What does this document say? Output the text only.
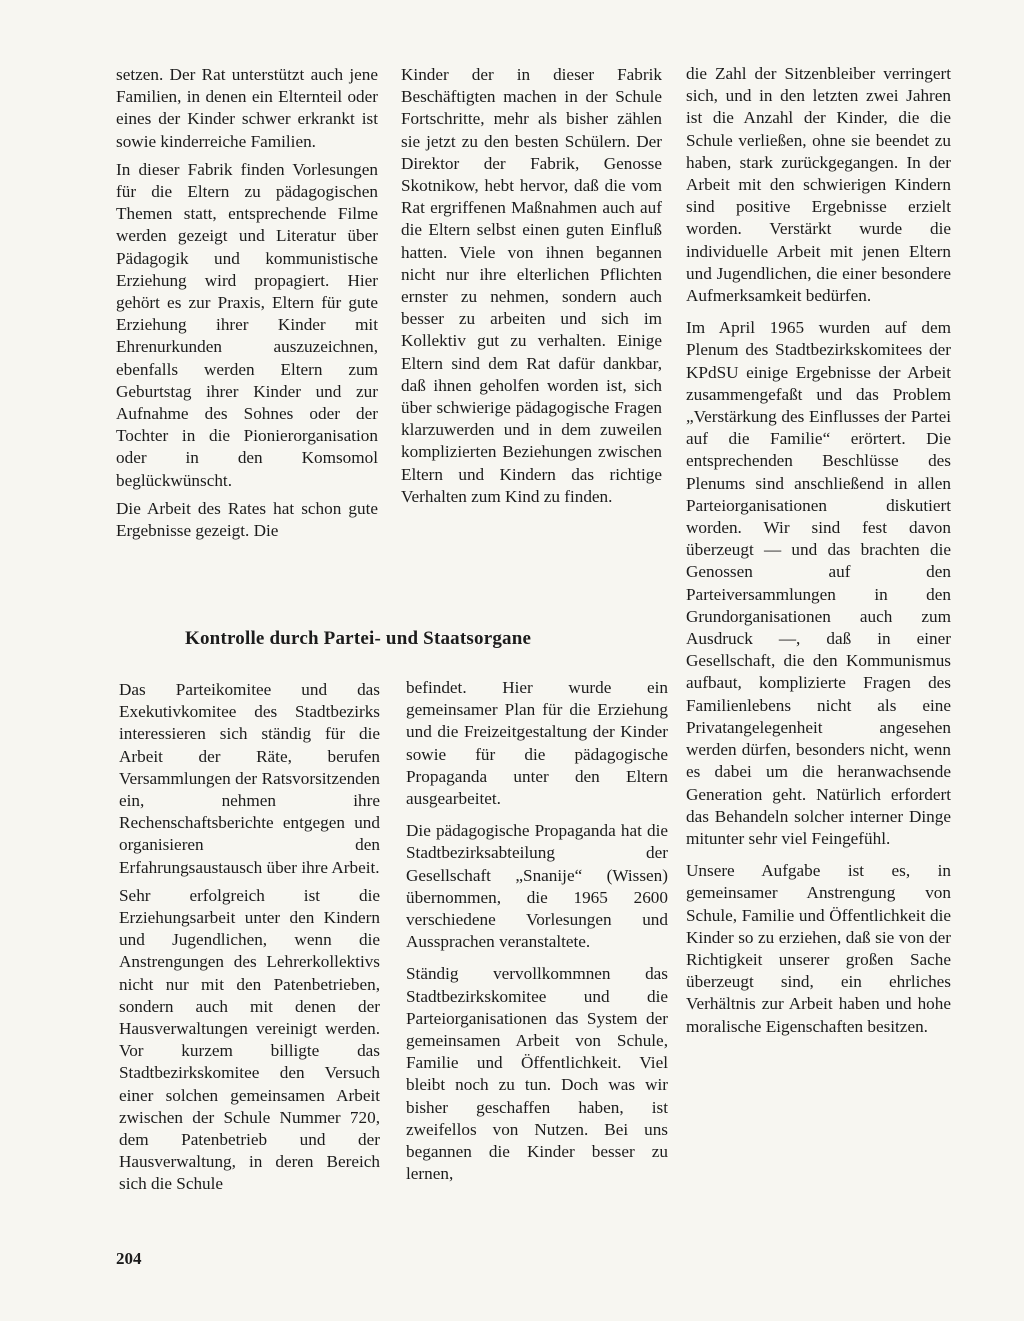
setzen. Der Rat unterstützt auch jene Familien, in denen ein Elternteil oder eines der Kinder schwer erkrankt ist sowie kinderreiche Familien.

In dieser Fabrik finden Vorlesungen für die Eltern zu pädagogischen Themen statt, entsprechende Filme werden gezeigt und Literatur über Pädagogik und kommunistische Erziehung wird propagiert. Hier gehört es zur Praxis, Eltern für gute Erziehung ihrer Kinder mit Ehrenurkunden auszuzeichnen, ebenfalls werden Eltern zum Geburtstag ihrer Kinder und zur Aufnahme des Sohnes oder der Tochter in die Pionierorganisation oder in den Komsomol beglückwünscht.

Die Arbeit des Rates hat schon gute Ergebnisse gezeigt. Die

Kinder der in dieser Fabrik Beschäftigten machen in der Schule Fortschritte, mehr als bisher zählen sie jetzt zu den besten Schülern. Der Direktor der Fabrik, Genosse Skotnikow, hebt hervor, daß die vom Rat ergriffenen Maßnahmen auch auf die Eltern selbst einen guten Einfluß hatten. Viele von ihnen begannen nicht nur ihre elterlichen Pflichten ernster zu nehmen, sondern auch besser zu arbeiten und sich im Kollektiv gut zu verhalten. Einige Eltern sind dem Rat dafür dankbar, daß ihnen geholfen worden ist, sich über schwierige pädagogische Fragen klarzuwerden und in dem zuweilen komplizierten Beziehungen zwischen Eltern und Kindern das richtige Verhalten zum Kind zu finden.

die Zahl der Sitzenbleiber verringert sich, und in den letzten zwei Jahren ist die Anzahl der Kinder, die die Schule verließen, ohne sie beendet zu haben, stark zurückgegangen. In der Arbeit mit den schwierigen Kindern sind positive Ergebnisse erzielt worden. Verstärkt wurde die individuelle Arbeit mit jenen Eltern und Jugendlichen, die einer besondere Aufmerksamkeit bedürfen.

Im April 1965 wurden auf dem Plenum des Stadtbezirkskomitees der KPdSU einige Ergebnisse der Arbeit zusammengefaßt und das Problem „Verstärkung des Einflusses der Partei auf die Familie“ erörtert. Die entsprechenden Beschlüsse des Plenums sind anschließend in allen Parteiorganisationen diskutiert worden. Wir sind fest davon überzeugt — und das brachten die Genossen auf den Parteiversammlungen in den Grundorganisationen auch zum Ausdruck —, daß in einer Gesellschaft, die den Kommunismus aufbaut, komplizierte Fragen des Familienlebens nicht als eine Privatangelegenheit angesehen werden dürfen, besonders nicht, wenn es dabei um die heranwachsende Generation geht. Natürlich erfordert das Behandeln solcher interner Dinge mitunter sehr viel Feingefühl.

Unsere Aufgabe ist es, in gemeinsamer Anstrengung von Schule, Familie und Öffentlichkeit die Kinder so zu erziehen, daß sie von der Richtigkeit unserer großen Sache überzeugt sind, ein ehrliches Verhältnis zur Arbeit haben und hohe moralische Eigenschaften besitzen.

Kontrolle durch Partei- und Staatsorgane

Das Parteikomitee und das Exekutivkomitee des Stadtbezirks interessieren sich ständig für die Arbeit der Räte, berufen Versammlungen der Ratsvorsitzenden ein, nehmen ihre Rechenschaftsberichte entgegen und organisieren den Erfahrungsaustausch über ihre Arbeit.

Sehr erfolgreich ist die Erziehungsarbeit unter den Kindern und Jugendlichen, wenn die Anstrengungen des Lehrerkollektivs nicht nur mit den Patenbetrieben, sondern auch mit denen der Hausverwaltungen vereinigt werden. Vor kurzem billigte das Stadtbezirkskomitee den Versuch einer solchen gemeinsamen Arbeit zwischen der Schule Nummer 720, dem Patenbetrieb und der Hausverwaltung, in deren Bereich sich die Schule

befindet. Hier wurde ein gemeinsamer Plan für die Erziehung und die Freizeitgestaltung der Kinder sowie für die pädagogische Propaganda unter den Eltern ausgearbeitet.

Die pädagogische Propaganda hat die Stadtbezirksabteilung der Gesellschaft „Snanije“ (Wissen) übernommen, die 1965 2600 verschiedene Vorlesungen und Aussprachen veranstaltete.

Ständig vervollkommnen das Stadtbezirkskomitee und die Parteiorganisationen das System der gemeinsamen Arbeit von Schule, Familie und Öffentlichkeit. Viel bleibt noch zu tun. Doch was wir bisher geschaffen haben, ist zweifellos von Nutzen. Bei uns begannen die Kinder besser zu lernen,

204
